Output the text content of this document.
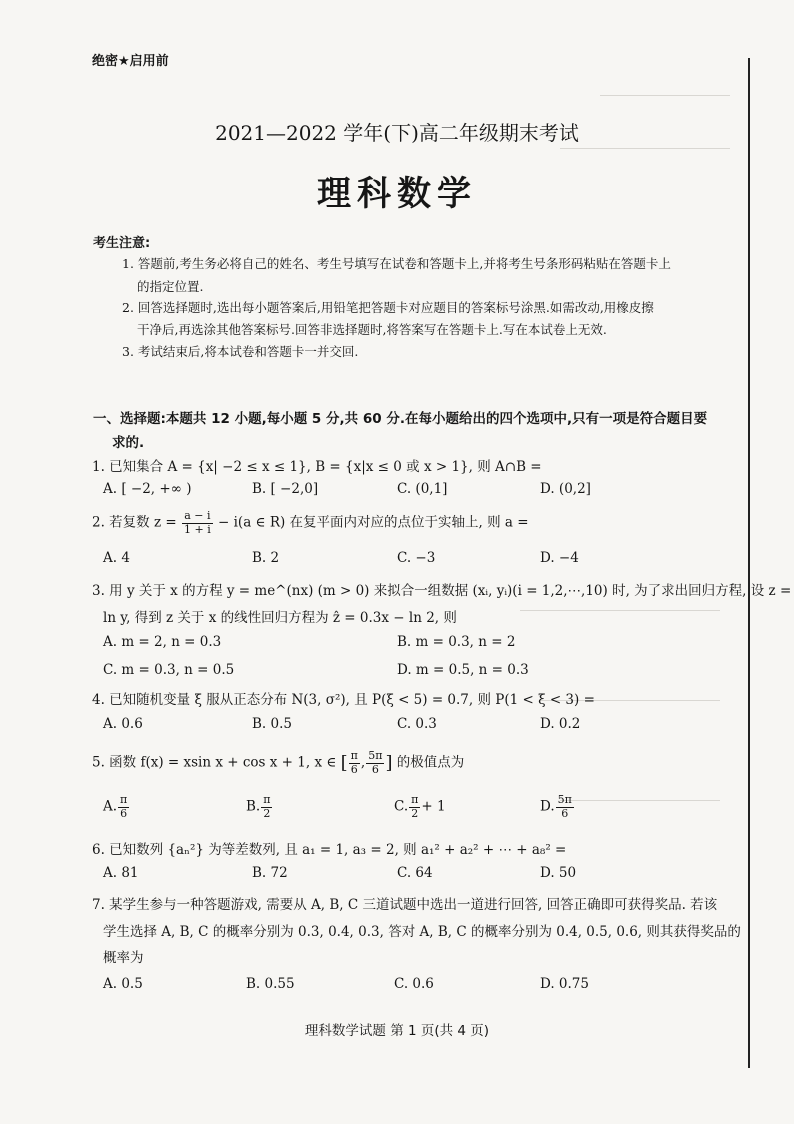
绝密★启用前
2021—2022 学年(下)高二年级期末考试
理科数学
考生注意:
1. 答题前,考生务必将自己的姓名、考生号填写在试卷和答题卡上,并将考生号条形码粘贴在答题卡上
的指定位置.
2. 回答选择题时,选出每小题答案后,用铅笔把答题卡对应题目的答案标号涂黑.如需改动,用橡皮擦
干净后,再选涂其他答案标号.回答非选择题时,将答案写在答题卡上.写在本试卷上无效.
3. 考试结束后,将本试卷和答题卡一并交回.
一、选择题:本题共 12 小题,每小题 5 分,共 60 分.在每小题给出的四个选项中,只有一项是符合题目要
求的.
1. 已知集合 A = {x| −2 ≤ x ≤ 1}, B = {x|x ≤ 0 或 x > 1}, 则 A∩B =
A. [ −2, +∞ )	B. [ −2,0]	C. (0,1]	D. (0,2]
2. 若复数 $z = \frac{a - i}{1 + i} - i(a$ ∈ R) 在复平面内对应的点位于实轴上, 则 a =
A. 4	B. 2	C. −3	D. −4
3. 用 y 关于 x 的方程 y = me^(nx) (m > 0) 来拟合一组数据 (xᵢ, yᵢ)(i = 1,2,⋯,10) 时, 为了求出回归方程, 设 z =
ln y, 得到 z 关于 x 的线性回归方程为 ẑ = 0.3x − ln 2, 则
A. m = 2, n = 0.3	B. m = 0.3, n = 2
C. m = 0.3, n = 0.5	D. m = 0.5, n = 0.3
4. 已知随机变量 ξ 服从正态分布 N(3, σ²), 且 P(ξ < 5) = 0.7, 则 P(1 < ξ < 3) =
A. 0.6	B. 0.5	C. 0.3	D. 0.2
5. 函数 f(x) = xsin x + cos x + 1, x ∈ [ $\frac{\pi}{6}$ , $\frac{5\pi}{6}$ ] 的极值点为
A. $\frac{\pi}{6}$	B. $\frac{\pi}{2}$	C. $\frac{\pi}{2} + 1$	D. $\frac{5\pi}{6}$
6. 已知数列 {aₙ²} 为等差数列, 且 a₁ = 1, a₃ = 2, 则 a₁² + a₂² + ⋯ + a₈² =
A. 81	B. 72	C. 64	D. 50
7. 某学生参与一种答题游戏, 需要从 A, B, C 三道试题中选出一道进行回答, 回答正确即可获得奖品. 若该
学生选择 A, B, C 的概率分别为 0.3, 0.4, 0.3, 答对 A, B, C 的概率分别为 0.4, 0.5, 0.6, 则其获得奖品的
概率为
A. 0.5	B. 0.55	C. 0.6	D. 0.75
理科数学试题 第 1 页(共 4 页)
